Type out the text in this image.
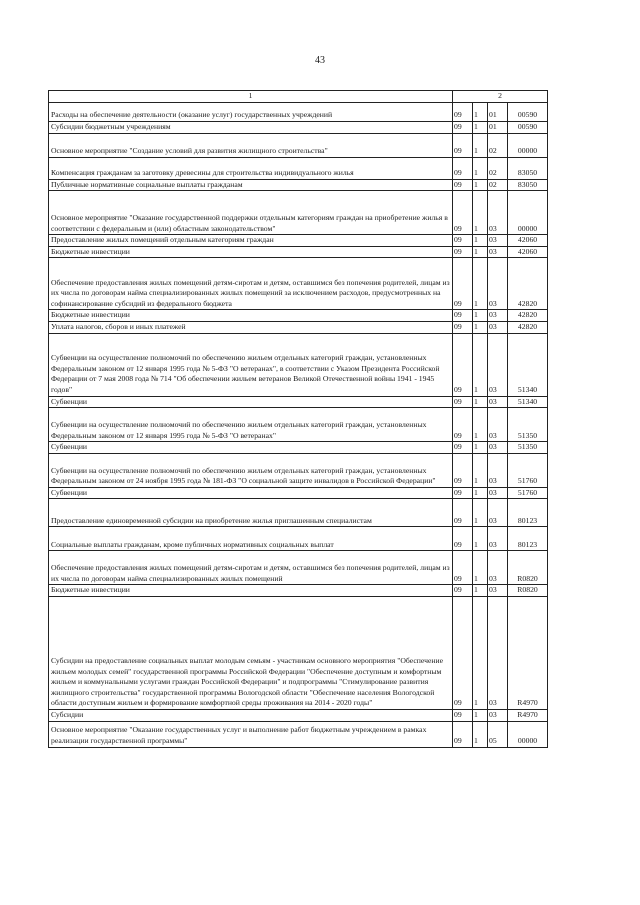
43
1	2			
Расходы на обеспечение деятельности (оказание услуг) государственных учреждений	09	1	01	00590
Субсидии бюджетным учреждениям	09	1	01	00590
Основное мероприятие "Создание условий для развития жилищного строительства"	09	1	02	00000
Компенсация гражданам за заготовку древесины для строительства индивидуального жилья	09	1	02	83050
Публичные нормативные социальные выплаты гражданам	09	1	02	83050
Основное мероприятие "Оказание государственной поддержки отдельным категориям граждан на приобретение жилья в соответствии с федеральным и (или) областным законодательством"	09	1	03	00000
Предоставление жилых помещений отдельным категориям граждан	09	1	03	42060
Бюджетные инвестиции	09	1	03	42060
Обеспечение предоставления жилых помещений детям-сиротам и детям, оставшимся без попечения родителей, лицам из их числа по договорам найма специализированных жилых помещений за исключением расходов, предусмотренных на софинансирование субсидий из федерального бюджета	09	1	03	42820
Бюджетные инвестиции	09	1	03	42820
Уплата налогов, сборов и иных платежей	09	1	03	42820
Субвенции на осуществление полномочий по обеспечению жильем отдельных категорий граждан, установленных Федеральным законом от 12 января 1995 года № 5-ФЗ "О ветеранах", в соответствии с Указом Президента Российской Федерации от 7 мая 2008 года № 714 "Об обеспечении жильем ветеранов Великой Отечественной войны 1941 - 1945 годов"	09	1	03	51340
Субвенции	09	1	03	51340
Субвенции на осуществление полномочий по обеспечению жильем отдельных категорий граждан, установленных Федеральным законом от 12 января 1995 года № 5-ФЗ "О ветеранах"	09	1	03	51350
Субвенции	09	1	03	51350
Субвенции на осуществление полномочий по обеспечению жильем отдельных категорий граждан, установленных Федеральным законом от 24 ноября 1995 года № 181-ФЗ "О социальной защите инвалидов в Российской Федерации"	09	1	03	51760
Субвенции	09	1	03	51760
Предоставление единовременной субсидии на приобретение жилья приглашенным специалистам	09	1	03	80123
Социальные выплаты гражданам, кроме публичных нормативных социальных выплат	09	1	03	80123
Обеспечение предоставления жилых помещений детям-сиротам и детям, оставшимся без попечения родителей, лицам из их числа по договорам найма специализированных жилых помещений	09	1	03	R0820
Бюджетные инвестиции	09	1	03	R0820
Субсидии на предоставление социальных выплат молодым семьям - участникам основного мероприятия "Обеспечение жильем молодых семей" государственной программы Российской Федерации "Обеспечение доступным и комфортным жильем и коммунальными услугами граждан Российской Федерации" и подпрограммы "Стимулирование развития жилищного строительства" государственной программы Вологодской области "Обеспечение населения Вологодской области доступным жильем и формирование комфортной среды проживания на 2014 - 2020 годы"	09	1	03	R4970
Субсидии	09	1	03	R4970
Основное мероприятие "Оказание государственных услуг и выполнение работ бюджетным учреждением в рамках реализации государственной программы"	09	1	05	00000
